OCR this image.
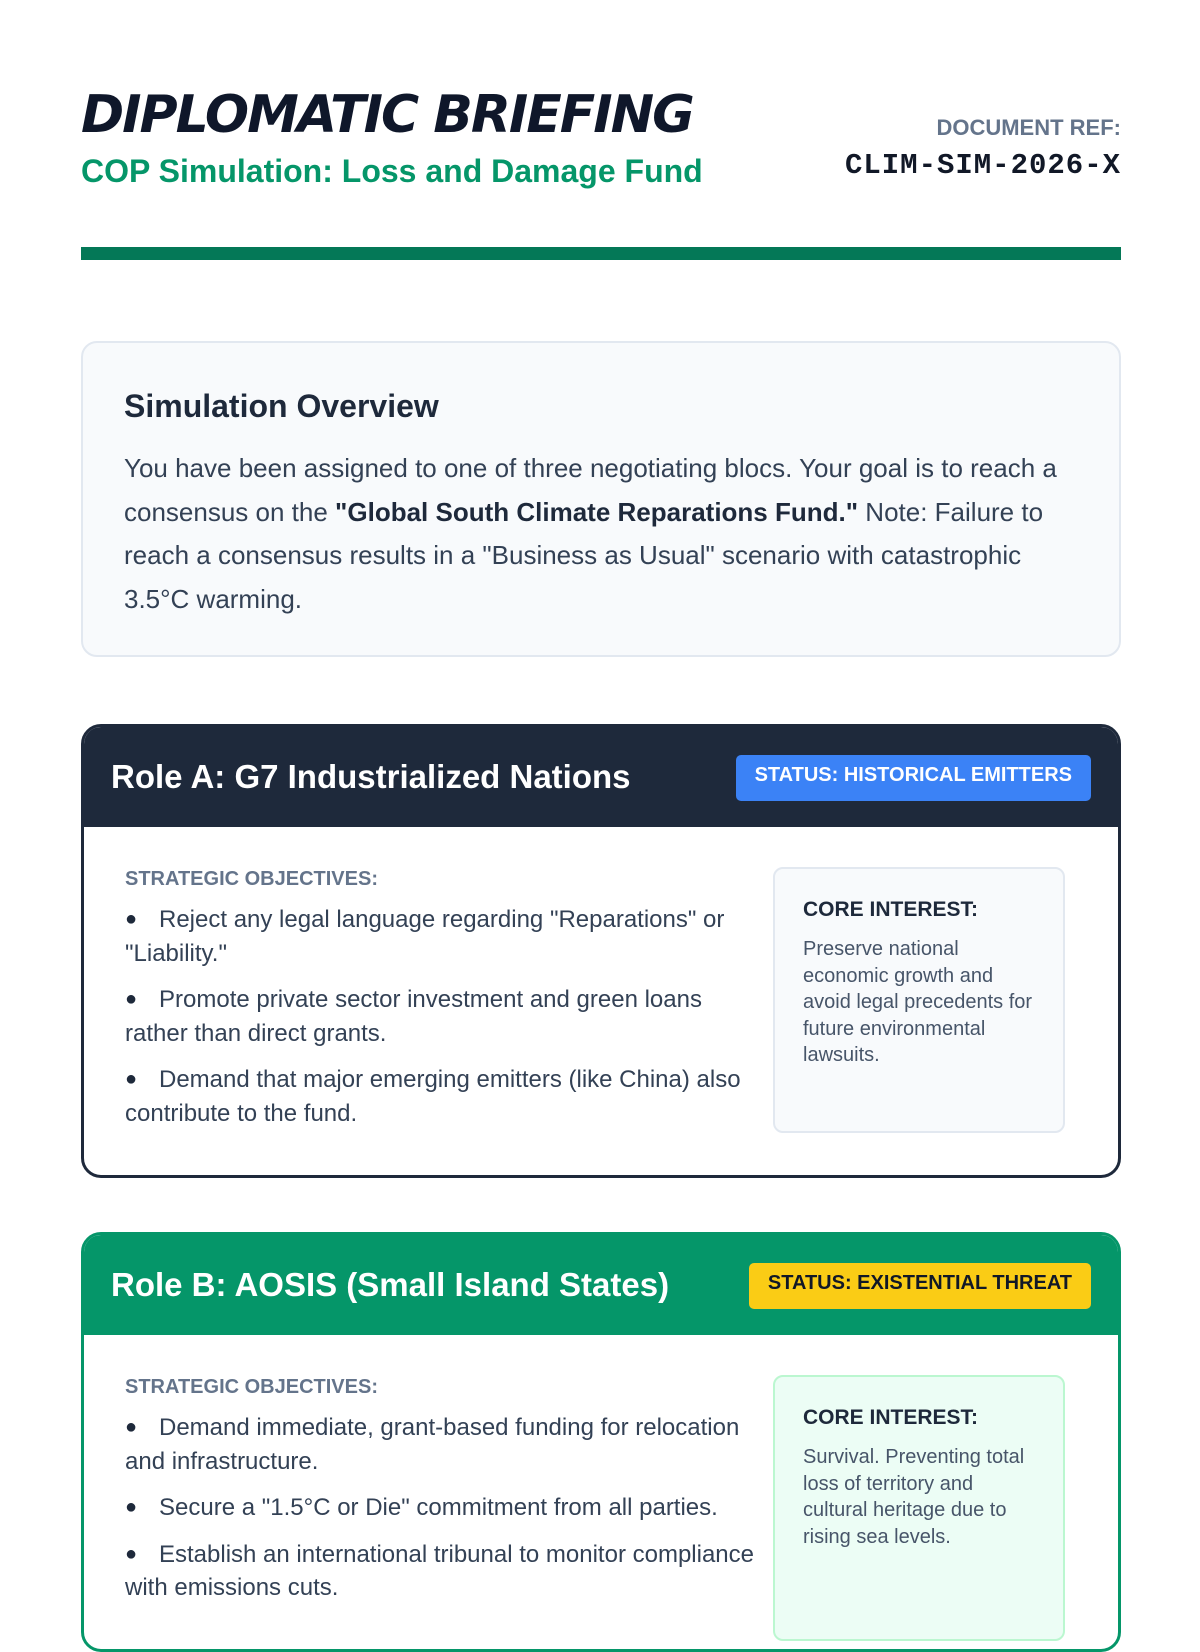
DIPLOMATIC BRIEFING
COP Simulation: Loss and Damage Fund
DOCUMENT REF:
CLIM-SIM-2026-X
Simulation Overview

You have been assigned to one of three negotiating blocs. Your goal is to reach a consensus on the "Global South Climate Reparations Fund." Note: Failure to reach a consensus results in a "Business as Usual" scenario with catastrophic 3.5°C warming.

Role A: G7 Industrialized Nations	STATUS: HISTORICAL EMITTERS

STRATEGIC OBJECTIVES:

● Reject any legal language regarding "Reparations" or "Liability."
● Promote private sector investment and green loans rather than direct grants.
● Demand that major emerging emitters (like China) also contribute to the fund.

CORE INTEREST:

Preserve national economic growth and avoid legal precedents for future environmental lawsuits.

Role B: AOSIS (Small Island States)	STATUS: EXISTENTIAL THREAT

STRATEGIC OBJECTIVES:

● Demand immediate, grant-based funding for relocation and infrastructure.
● Secure a "1.5°C or Die" commitment from all parties.
● Establish an international tribunal to monitor compliance with emissions cuts.

CORE INTEREST:

Survival. Preventing total loss of territory and cultural heritage due to rising sea levels.
